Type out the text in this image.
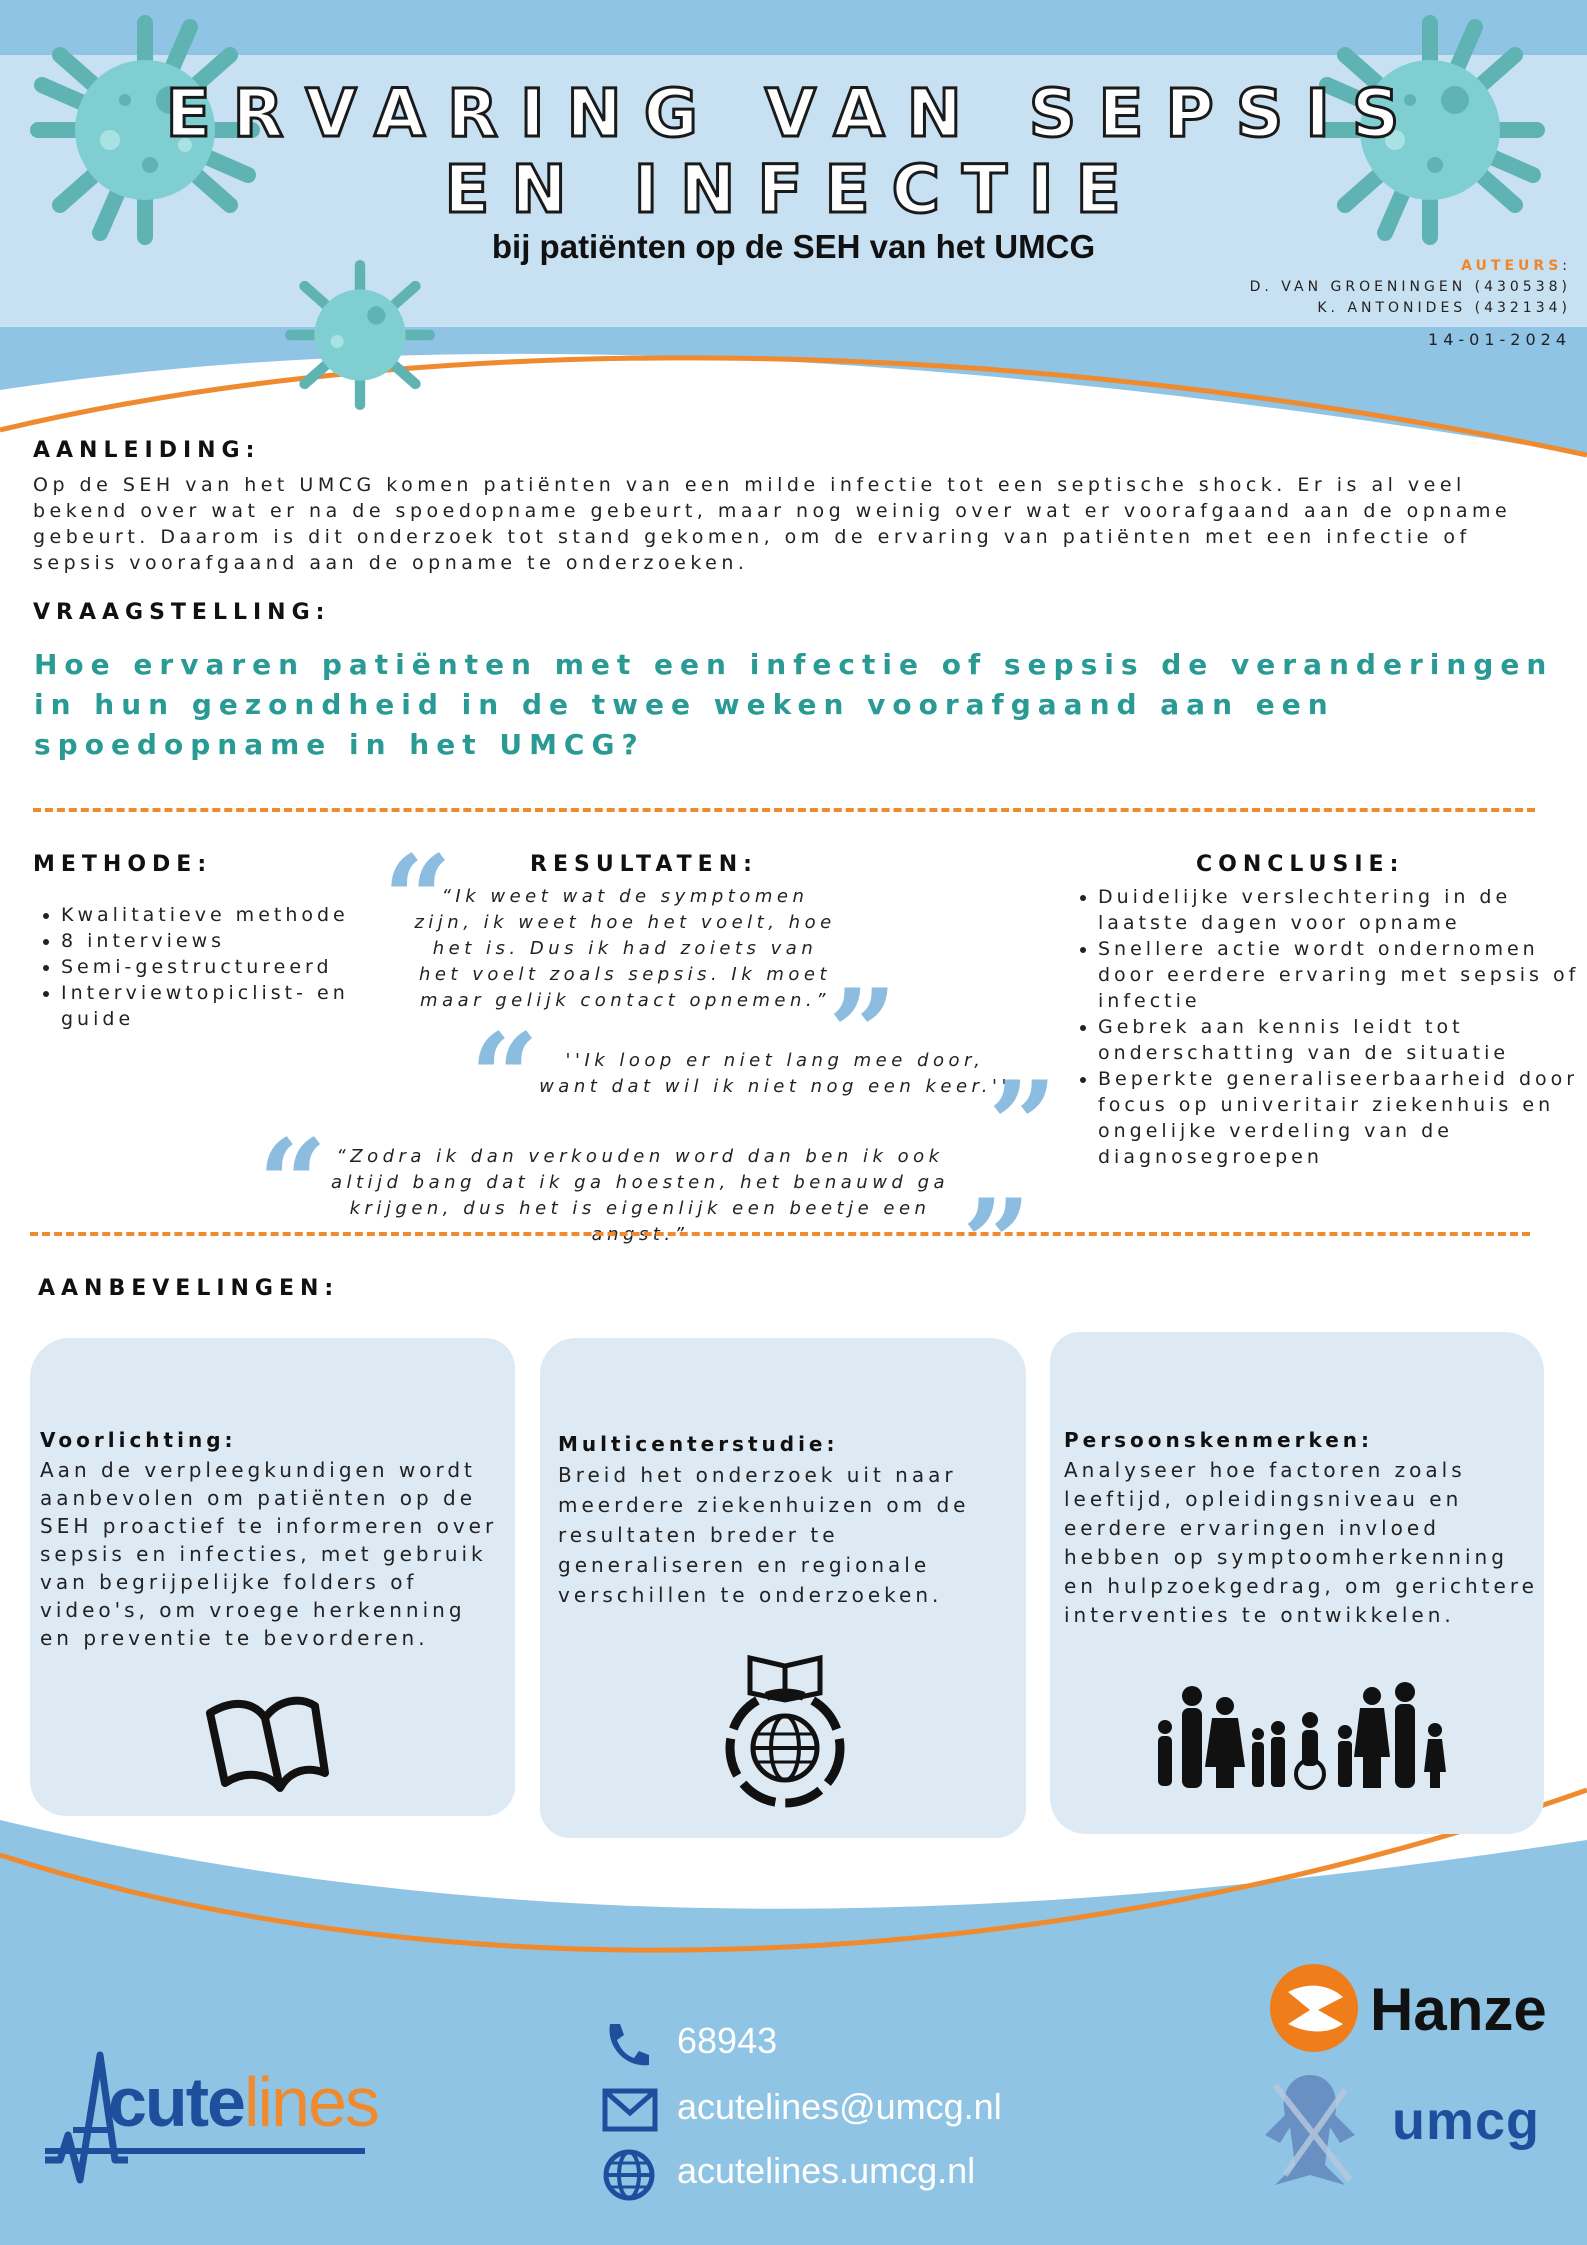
ERVARING VAN SEPSIS
EN INFECTIE
bij patiënten op de SEH van het UMCG
AUTEURS:
D. VAN GROENINGEN (430538)
K. ANTONIDES (432134)
14-01-2024
AANLEIDING:
Op de SEH van het UMCG komen patiënten van een milde infectie tot een septische shock. Er is al veel bekend over wat er na de spoedopname gebeurt, maar nog weinig over wat er voorafgaand aan de opname gebeurt. Daarom is dit onderzoek tot stand gekomen, om de ervaring van patiënten met een infectie of sepsis voorafgaand aan de opname te onderzoeken.
VRAAGSTELLING:
Hoe ervaren patiënten met een infectie of sepsis de veranderingen in hun gezondheid in de twee weken voorafgaand aan een spoedopname in het UMCG?
METHODE:
• Kwalitatieve methode
• 8 interviews
• Semi-gestructureerd
• Interviewtopiclist- en guide
RESULTATEN:
“
“Ik weet wat de symptomen zijn, ik weet hoe het voelt, hoe het is. Dus ik had zoiets van het voelt zoals sepsis. Ik moet maar gelijk contact opnemen.”
”
“	''Ik loop er niet lang mee door, want dat wil ik niet nog een keer.''
”
“ “Zodra ik dan verkouden word dan ben ik ook altijd bang dat ik ga hoesten, het benauwd ga krijgen, dus het is eigenlijk een beetje een angst.”	”
CONCLUSIE:
• Duidelijke verslechtering in de laatste dagen voor opname
• Snellere actie wordt ondernomen door eerdere ervaring met sepsis of infectie
• Gebrek aan kennis leidt tot onderschatting van de situatie
• Beperkte generaliseerbaarheid door focus op univeritair ziekenhuis en ongelijke verdeling van de diagnosegroepen
AANBEVELINGEN:
Voorlichting:
Aan de verpleegkundigen wordt aanbevolen om patiënten op de SEH proactief te informeren over sepsis en infecties, met gebruik van begrijpelijke folders of video's, om vroege herkenning en preventie te bevorderen.
Multicenterstudie:
Breid het onderzoek uit naar meerdere ziekenhuizen om de resultaten breder te generaliseren en regionale verschillen te onderzoeken.
Persoonskenmerken:
Analyseer hoe factoren zoals leeftijd, opleidingsniveau en eerdere ervaringen invloed hebben op symptoomherkenning en hulpzoekgedrag, om gerichtere interventies te ontwikkelen.
cutelines
68943
acutelines@umcg.nl
acutelines.umcg.nl
Hanze
umcg
